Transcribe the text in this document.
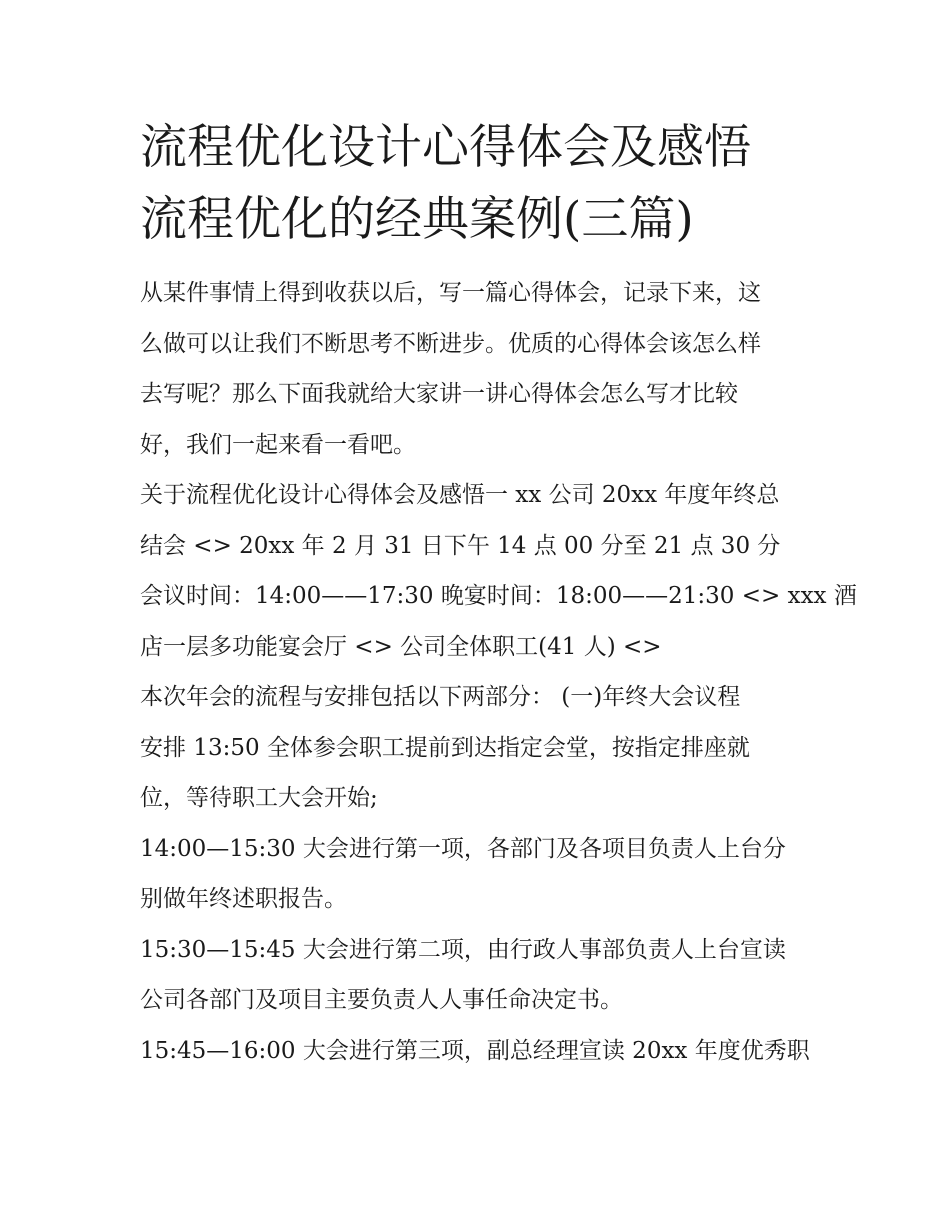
流程优化设计心得体会及感悟
流程优化的经典案例(三篇)

从某件事情上得到收获以后，写一篇心得体会，记录下来，这
么做可以让我们不断思考不断进步。优质的心得体会该怎么样
去写呢？那么下面我就给大家讲一讲心得体会怎么写才比较
好，我们一起来看一看吧。

关于流程优化设计心得体会及感悟一 xx 公司 20xx 年度年终总
结会 <> 20xx 年 2 月 31 日下午 14 点 00 分至 21 点 30 分

会议时间：14:00——17:30 晚宴时间：18:00——21:30 <> xxx 酒
店一层多功能宴会厅 <> 公司全体职工(41 人) <>

本次年会的流程与安排包括以下两部分： (一)年终大会议程
安排 13:50 全体参会职工提前到达指定会堂，按指定排座就
位，等待职工大会开始;

14:00—15:30 大会进行第一项，各部门及各项目负责人上台分
别做年终述职报告。

15:30—15:45 大会进行第二项，由行政人事部负责人上台宣读
公司各部门及项目主要负责人人事任命决定书。

15:45—16:00 大会进行第三项，副总经理宣读 20xx 年度优秀职
